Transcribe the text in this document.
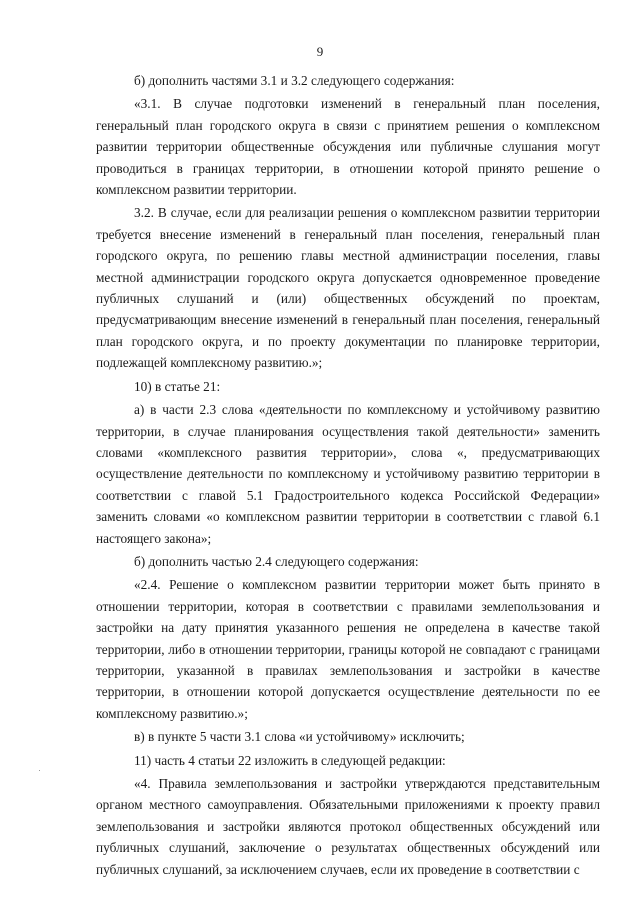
9

б) дополнить частями 3.1 и 3.2 следующего содержания:

«3.1. В случае подготовки изменений в генеральный план поселения, генеральный план городского округа в связи с принятием решения о комплексном развитии территории общественные обсуждения или публичные слушания могут проводиться в границах территории, в отношении которой принято решение о комплексном развитии территории.

3.2. В случае, если для реализации решения о комплексном развитии территории требуется внесение изменений в генеральный план поселения, генеральный план городского округа, по решению главы местной администрации поселения, главы местной администрации городского округа допускается одновременное проведение публичных слушаний и (или) общественных обсуждений по проектам, предусматривающим внесение изменений в генеральный план поселения, генеральный план городского округа, и по проекту документации по планировке территории, подлежащей комплексному развитию.»;

10) в статье 21:

а) в части 2.3 слова «деятельности по комплексному и устойчивому развитию территории, в случае планирования осуществления такой деятельности» заменить словами «комплексного развития территории», слова «, предусматривающих осуществление деятельности по комплексному и устойчивому развитию территории в соответствии с главой 5.1 Градостроительного кодекса Российской Федерации» заменить словами «о комплексном развитии территории в соответствии с главой 6.1 настоящего закона»;

б) дополнить частью 2.4 следующего содержания:

«2.4. Решение о комплексном развитии территории может быть принято в отношении территории, которая в соответствии с правилами землепользования и застройки на дату принятия указанного решения не определена в качестве такой территории, либо в отношении территории, границы которой не совпадают с границами территории, указанной в правилах землепользования и застройки в качестве территории, в отношении которой допускается осуществление деятельности по ее комплексному развитию.»;

в) в пункте 5 части 3.1 слова «и устойчивому» исключить;

11) часть 4 статьи 22 изложить в следующей редакции:

«4. Правила землепользования и застройки утверждаются представительным органом местного самоуправления. Обязательными приложениями к проекту правил землепользования и застройки являются протокол общественных обсуждений или публичных слушаний, заключение о результатах общественных обсуждений или публичных слушаний, за исключением случаев, если их проведение в соответствии с
